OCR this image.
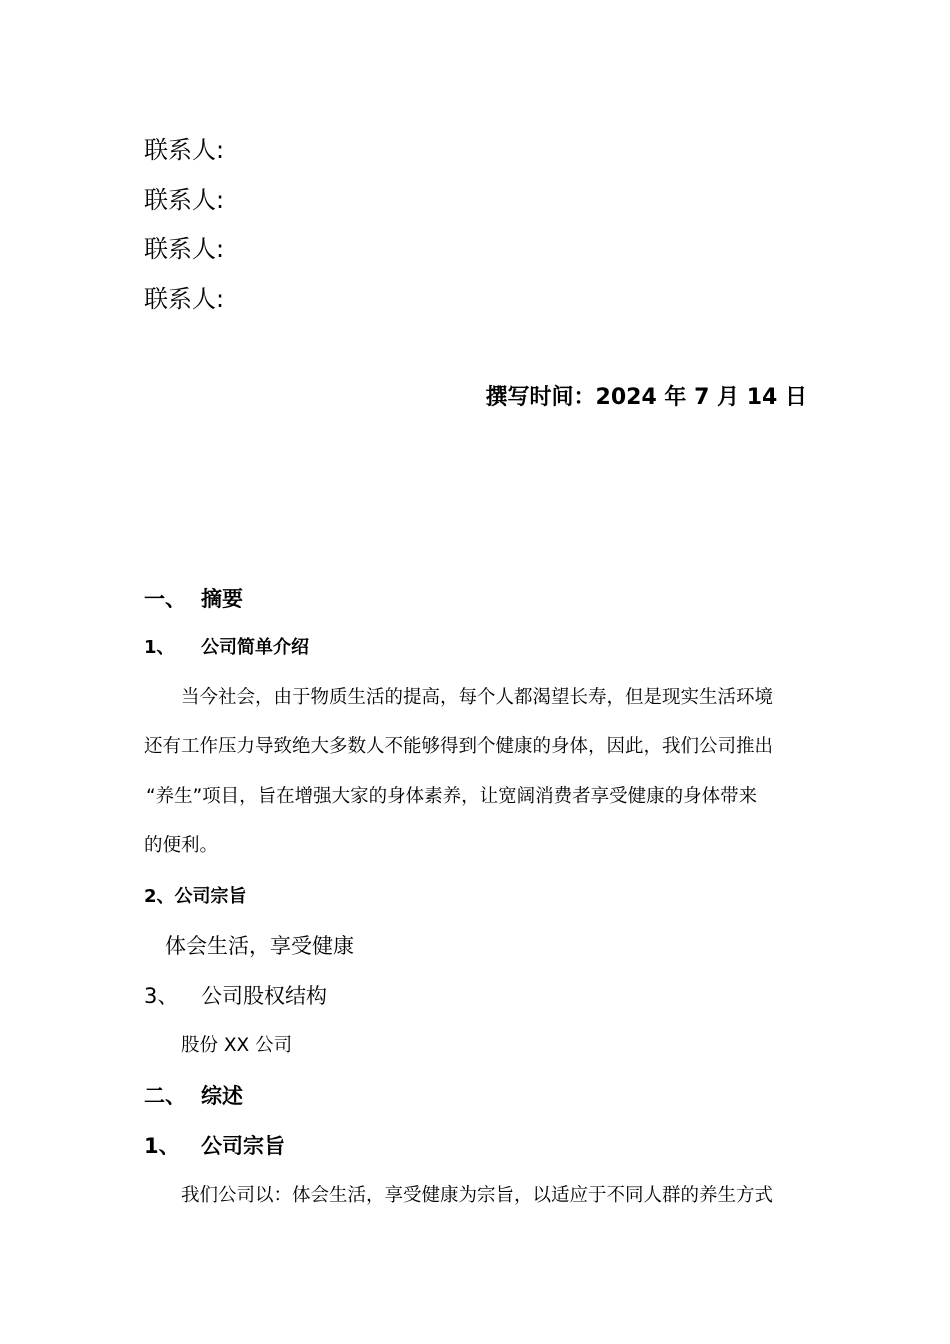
联系人:
联系人:
联系人:
联系人:
撰写时间：2024 年 7 月 14 日
一、 摘要
1、 公司简单介绍
当今社会，由于物质生活的提高，每个人都渴望长寿，但是现实生活环境
还有工作压力导致绝大多数人不能够得到个健康的身体，因此，我们公司推出
“养生”项目，旨在增强大家的身体素养，让宽阔消费者享受健康的身体带来
的便利。
2、公司宗旨
体会生活，享受健康
3、 公司股权结构
股份 XX 公司
二、 综述
1、 公司宗旨
我们公司以：体会生活，享受健康为宗旨，以适应于不同人群的养生方式
